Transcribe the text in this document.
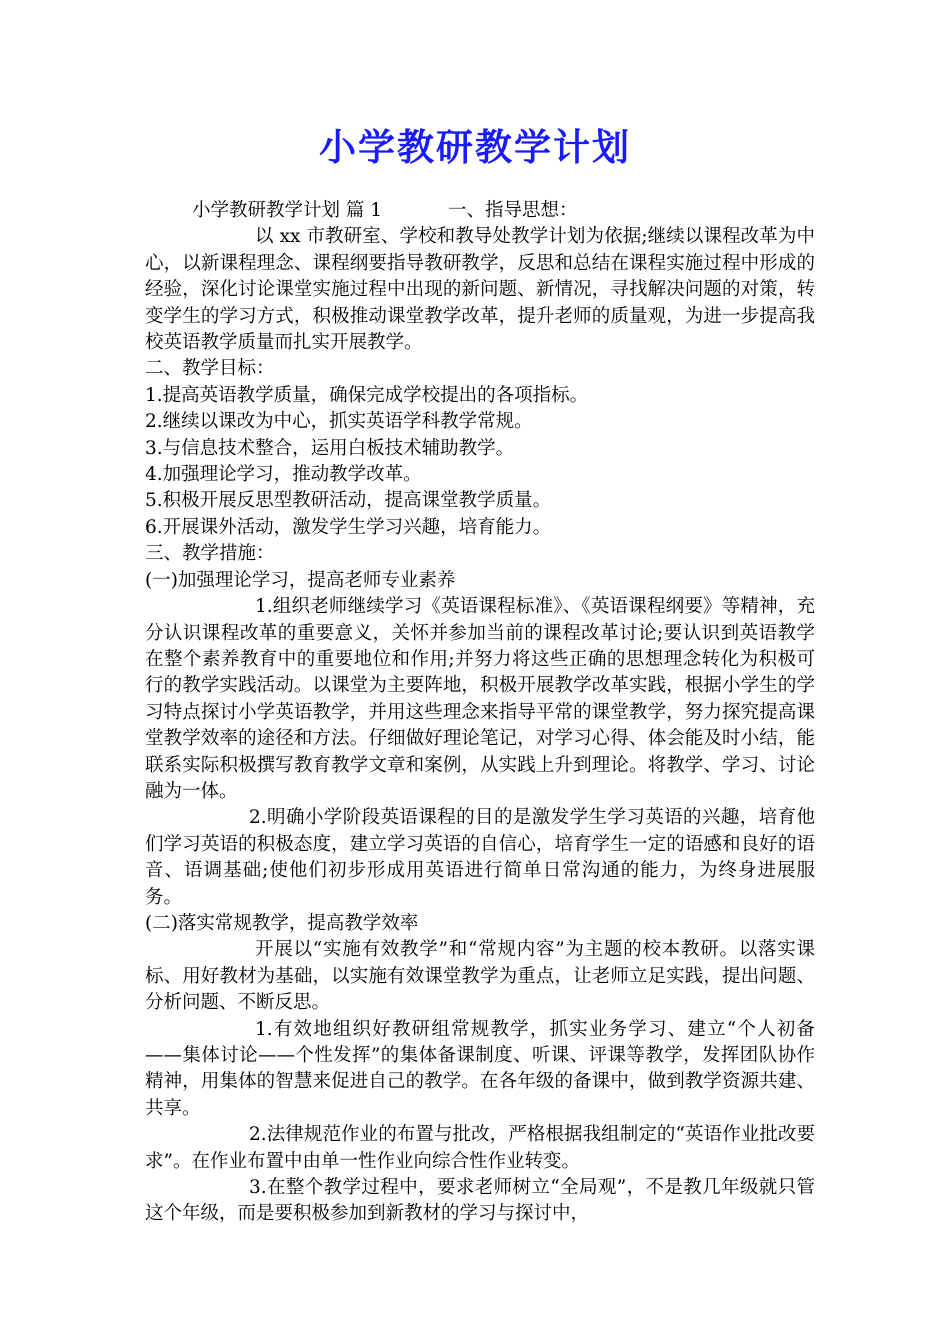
小学教研教学计划

小学教研教学计划 篇 1	一、指导思想：

以 xx 市教研室、学校和教导处教学计划为依据;继续以课程改革为中心，以新课程理念、课程纲要指导教研教学，反思和总结在课程实施过程中形成的经验，深化讨论课堂实施过程中出现的新问题、新情况，寻找解决问题的对策，转变学生的学习方式，积极推动课堂教学改革，提升老师的质量观，为进一步提高我校英语教学质量而扎实开展教学。

二、教学目标：

1.提高英语教学质量，确保完成学校提出的各项指标。

2.继续以课改为中心，抓实英语学科教学常规。

3.与信息技术整合，运用白板技术辅助教学。

4.加强理论学习，推动教学改革。

5.积极开展反思型教研活动，提高课堂教学质量。

6.开展课外活动，激发学生学习兴趣，培育能力。

三、教学措施：

(一)加强理论学习，提高老师专业素养

1.组织老师继续学习《英语课程标准》、《英语课程纲要》等精神，充分认识课程改革的重要意义，关怀并参加当前的课程改革讨论;要认识到英语教学在整个素养教育中的重要地位和作用;并努力将这些正确的思想理念转化为积极可行的教学实践活动。以课堂为主要阵地，积极开展教学改革实践，根据小学生的学习特点探讨小学英语教学，并用这些理念来指导平常的课堂教学，努力探究提高课堂教学效率的途径和方法。仔细做好理论笔记，对学习心得、体会能及时小结，能联系实际积极撰写教育教学文章和案例，从实践上升到理论。将教学、学习、讨论融为一体。

2.明确小学阶段英语课程的目的是激发学生学习英语的兴趣，培育他们学习英语的积极态度，建立学习英语的自信心，培育学生一定的语感和良好的语音、语调基础;使他们初步形成用英语进行简单日常沟通的能力，为终身进展服务。

(二)落实常规教学，提高教学效率

开展以“实施有效教学”和“常规内容”为主题的校本教研。以落实课标、用好教材为基础，以实施有效课堂教学为重点，让老师立足实践，提出问题、分析问题、不断反思。

1.有效地组织好教研组常规教学，抓实业务学习、建立“个人初备——集体讨论——个性发挥”的集体备课制度、听课、评课等教学，发挥团队协作精神，用集体的智慧来促进自己的教学。在各年级的备课中，做到教学资源共建、共享。

2.法律规范作业的布置与批改，严格根据我组制定的“英语作业批改要求”。在作业布置中由单一性作业向综合性作业转变。

3.在整个教学过程中，要求老师树立“全局观”，不是教几年级就只管这个年级，而是要积极参加到新教材的学习与探讨中，
